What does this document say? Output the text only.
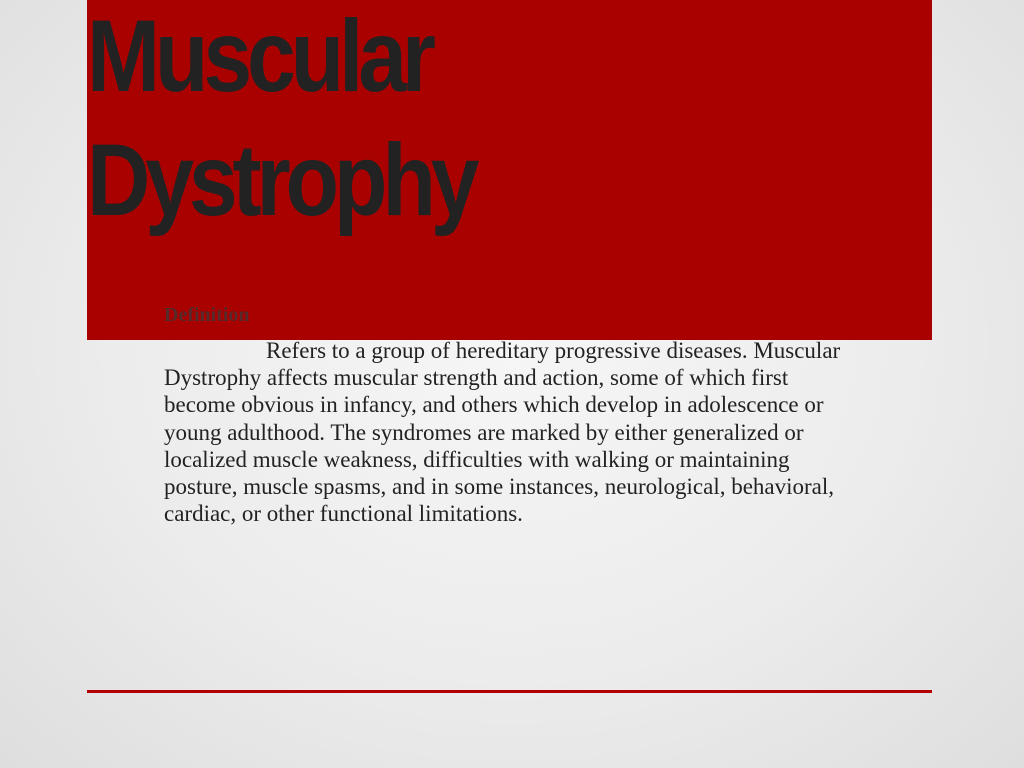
Muscular
Dystrophy

Definition

Refers to a group of hereditary progressive diseases. Muscular Dystrophy affects muscular strength and action, some of which first become obvious in infancy, and others which develop in adolescence or young adulthood. The syndromes are marked by either generalized or localized muscle weakness, difficulties with walking or maintaining posture, muscle spasms, and in some instances, neurological, behavioral, cardiac, or other functional limitations.
